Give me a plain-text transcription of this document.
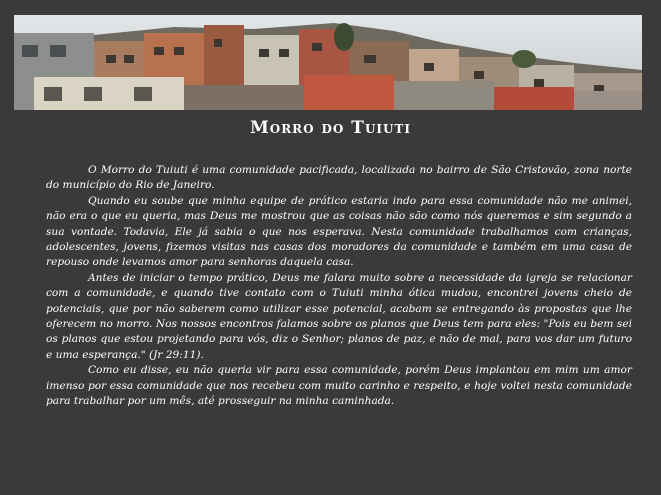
Morro do Tuiuti

O Morro do Tuiuti é uma comunidade pacificada, localizada no bairro de São Cristovão, zona norte do município do Rio de Janeiro.

Quando eu soube que minha equipe de prático estaria indo para essa comunidade não me animei, não era o que eu queria, mas Deus me mostrou que as coisas não são como nós queremos e sim segundo a sua vontade. Todavia, Ele já sabia o que nos esperava. Nesta comunidade trabalhamos com crianças, adolescentes, jovens, fizemos visitas nas casas dos moradores da comunidade e também em uma casa de repouso onde levamos amor para senhoras daquela casa.

Antes de iniciar o tempo prático, Deus me falara muito sobre a necessidade da igreja se relacionar com a comunidade, e quando tive contato com o Tuiuti minha ótica mudou, encontrei jovens cheio de potenciais, que por não saberem como utilizar esse potencial, acabam se entregando às propostas que lhe oferecem no morro. Nos nossos encontros falamos sobre os planos que Deus tem para eles: "Pois eu bem sei os planos que estou projetando para vós, diz o Senhor; planos de paz, e não de mal, para vos dar um futuro e uma esperança." (Jr 29:11).

Como eu disse, eu não queria vir para essa comunidade, porém Deus implantou em mim um amor imenso por essa comunidade que nos recebeu com muito carinho e respeito, e hoje voltei nesta comunidade para trabalhar por um mês, até prosseguir na minha caminhada.
